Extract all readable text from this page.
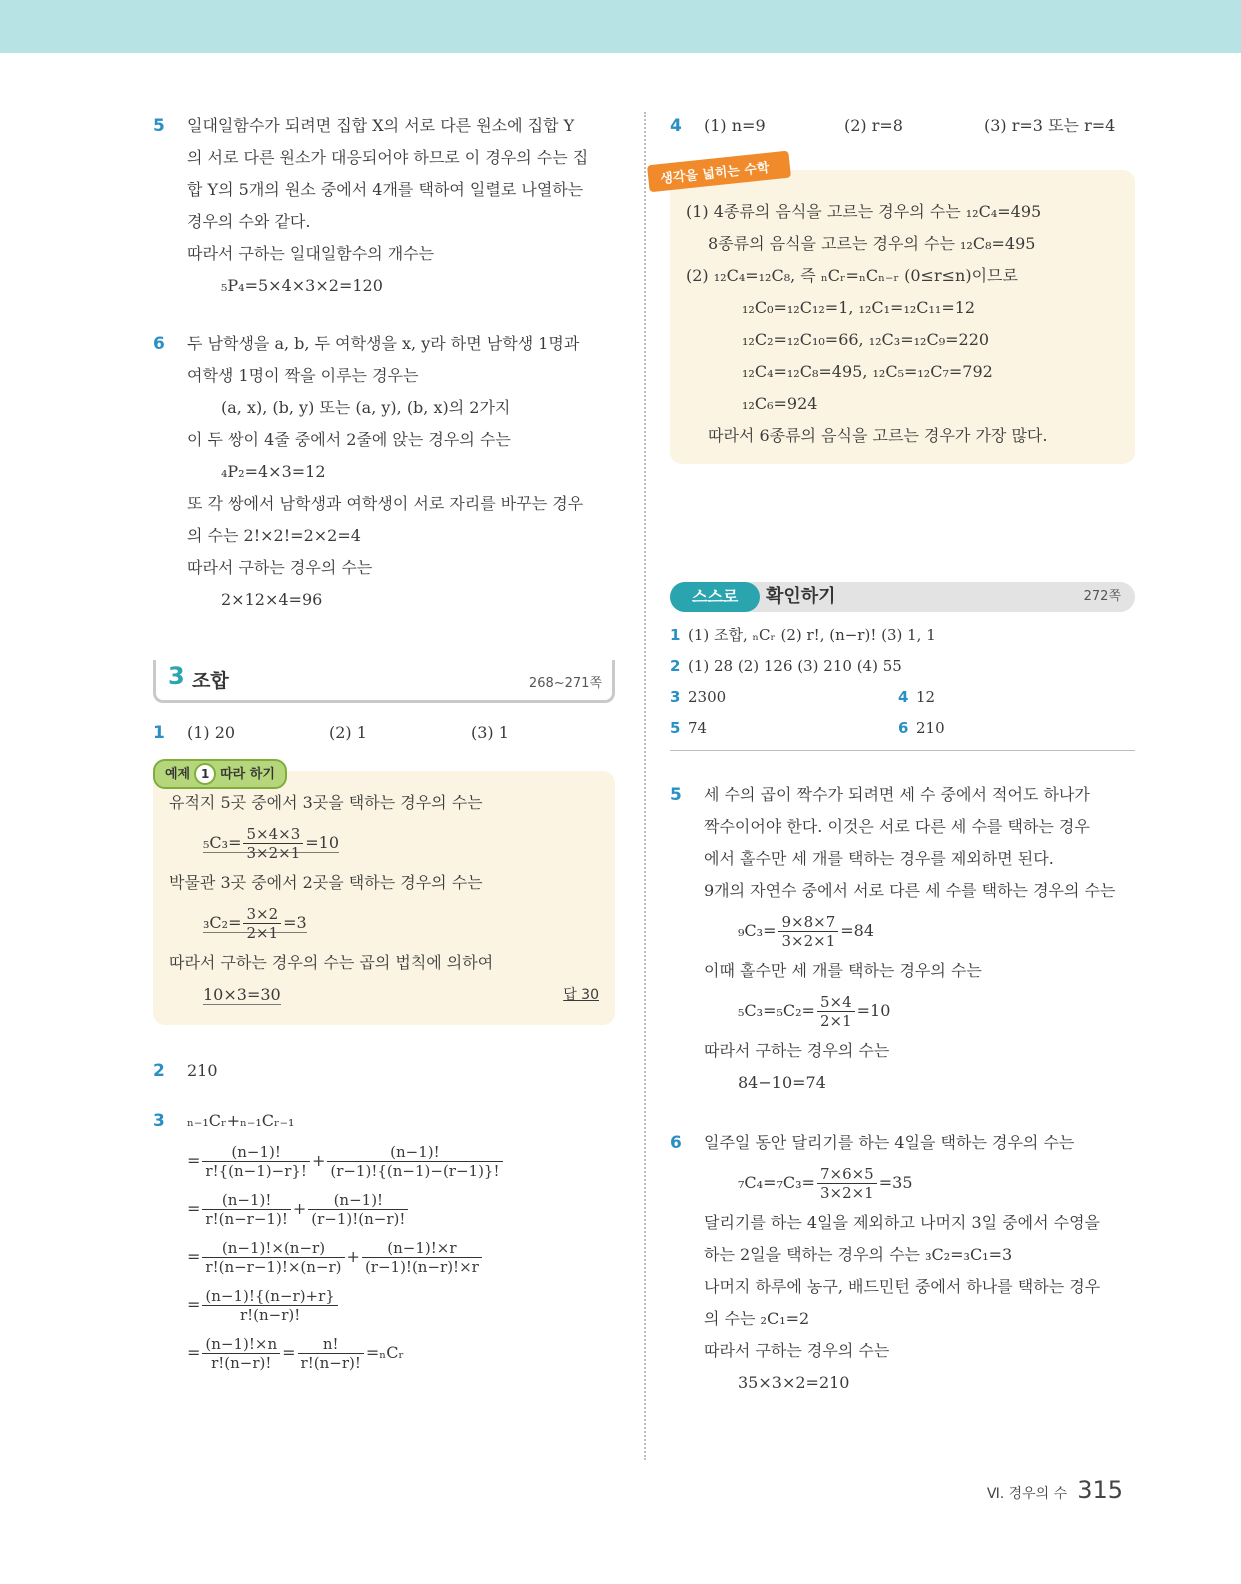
5 일대일함수가 되려면 집합 X의 서로 다른 원소에 집합 Y
의 서로 다른 원소가 대응되어야 하므로 이 경우의 수는 집
합 Y의 5개의 원소 중에서 4개를 택하여 일렬로 나열하는
경우의 수와 같다.
따라서 구하는 일대일함수의 개수는
₅P₄=5×4×3×2=120
6 두 남학생을 a, b, 두 여학생을 x, y라 하면 남학생 1명과
여학생 1명이 짝을 이루는 경우는
(a, x), (b, y) 또는 (a, y), (b, x)의 2가지
이 두 쌍이 4줄 중에서 2줄에 앉는 경우의 수는
₄P₂=4×3=12
또 각 쌍에서 남학생과 여학생이 서로 자리를 바꾸는 경우
의 수는 2!×2!=2×2=4
따라서 구하는 경우의 수는
2×12×4=96
3 조합	268~271쪽
1 (1) 20	(2) 1	(3) 1
예제 1 따라 하기
유적지 5곳 중에서 3곳을 택하는 경우의 수는
$_5C_3= \frac{5\times 4\times 3}{3\times 2\times 1} =10$
박물관 3곳 중에서 2곳을 택하는 경우의 수는
$_3C_2= \frac{3\times 2}{2\times 1} =3$
따라서 구하는 경우의 수는 곱의 법칙에 의하여
10×3=30	답 30
2 210
3 ₙ₋₁Cᵣ+ₙ₋₁Cᵣ₋₁
= $\frac{(n-1)!}{r!\{(n-1)-r\}!} + \frac{(n-1)!}{(r-1)!\{(n-1)-(r-1)\}!}$
= $\frac{(n-1)!}{r!(n-r-1)!} + \frac{(n-1)!}{(r-1)!(n-r)!}$
= $\frac{(n-1)!\times(n-r)}{r!(n-r-1)!\times(n-r)} + \frac{(n-1)!\times r}{(r-1)!(n-r)!\times r}$
= $\frac{(n-1)!\{(n-r)+r\}}{r!(n-r)!}$
= $\frac{(n-1)!\times n}{r!(n-r)!} = \frac{n!}{r!(n-r)!}$ =ₙCᵣ
4 (1) n=9	(2) r=8	(3) r=3 또는 r=4
생각을 넓히는 수학
(1) 4종류의 음식을 고르는 경우의 수는 ₁₂C₄=495
8종류의 음식을 고르는 경우의 수는 ₁₂C₈=495
(2) ₁₂C₄=₁₂C₈, 즉 ₙCᵣ=ₙCₙ₋ᵣ (0≤r≤n)이므로
₁₂C₀=₁₂C₁₂=1, ₁₂C₁=₁₂C₁₁=12
₁₂C₂=₁₂C₁₀=66, ₁₂C₃=₁₂C₉=220
₁₂C₄=₁₂C₈=495, ₁₂C₅=₁₂C₇=792
₁₂C₆=924
따라서 6종류의 음식을 고르는 경우가 가장 많다.
스스로	확인하기	272쪽
1 (1) 조합, ₙCᵣ (2) r!, (n−r)! (3) 1, 1
2 (1) 28 (2) 126 (3) 210 (4) 55
3 2300	4 12
5 74	6 210
5 세 수의 곱이 짝수가 되려면 세 수 중에서 적어도 하나가
짝수이어야 한다. 이것은 서로 다른 세 수를 택하는 경우
에서 홀수만 세 개를 택하는 경우를 제외하면 된다.
9개의 자연수 중에서 서로 다른 세 수를 택하는 경우의 수는
$_9C_3= \frac{9\times 8\times 7}{3\times 2\times 1} =84$
이때 홀수만 세 개를 택하는 경우의 수는
$_5C_3=_5C_2= \frac{5\times 4}{2\times 1} =10$
따라서 구하는 경우의 수는
84−10=74
6 일주일 동안 달리기를 하는 4일을 택하는 경우의 수는
$_7C_4=_7C_3= \frac{7\times 6\times 5}{3\times 2\times 1} =35$
달리기를 하는 4일을 제외하고 나머지 3일 중에서 수영을
하는 2일을 택하는 경우의 수는 ₃C₂=₃C₁=3
나머지 하루에 농구, 배드민턴 중에서 하나를 택하는 경우
의 수는 ₂C₁=2
따라서 구하는 경우의 수는
35×3×2=210
Ⅵ. 경우의 수 315
